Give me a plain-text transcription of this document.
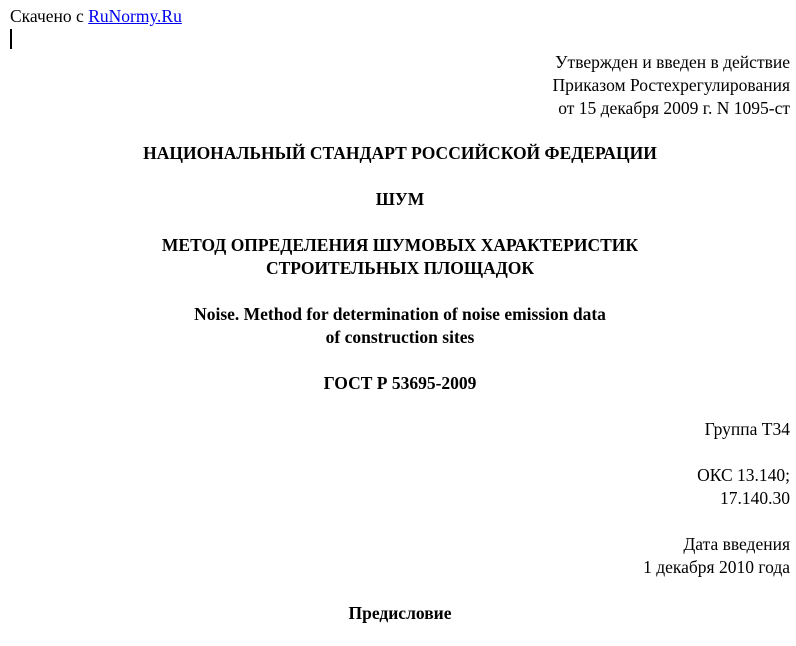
Скачено с RuNormy.Ru
Утвержден и введен в действие
Приказом Ростехрегулирования
от 15 декабря 2009 г. N 1095-ст
НАЦИОНАЛЬНЫЙ СТАНДАРТ РОССИЙСКОЙ ФЕДЕРАЦИИ
ШУМ
МЕТОД ОПРЕДЕЛЕНИЯ ШУМОВЫХ ХАРАКТЕРИСТИК
СТРОИТЕЛЬНЫХ ПЛОЩАДОК
Noise. Method for determination of noise emission data
of construction sites
ГОСТ Р 53695-2009
Группа Т34
ОКС 13.140;
17.140.30
Дата введения
1 декабря 2010 года
Предисловие
